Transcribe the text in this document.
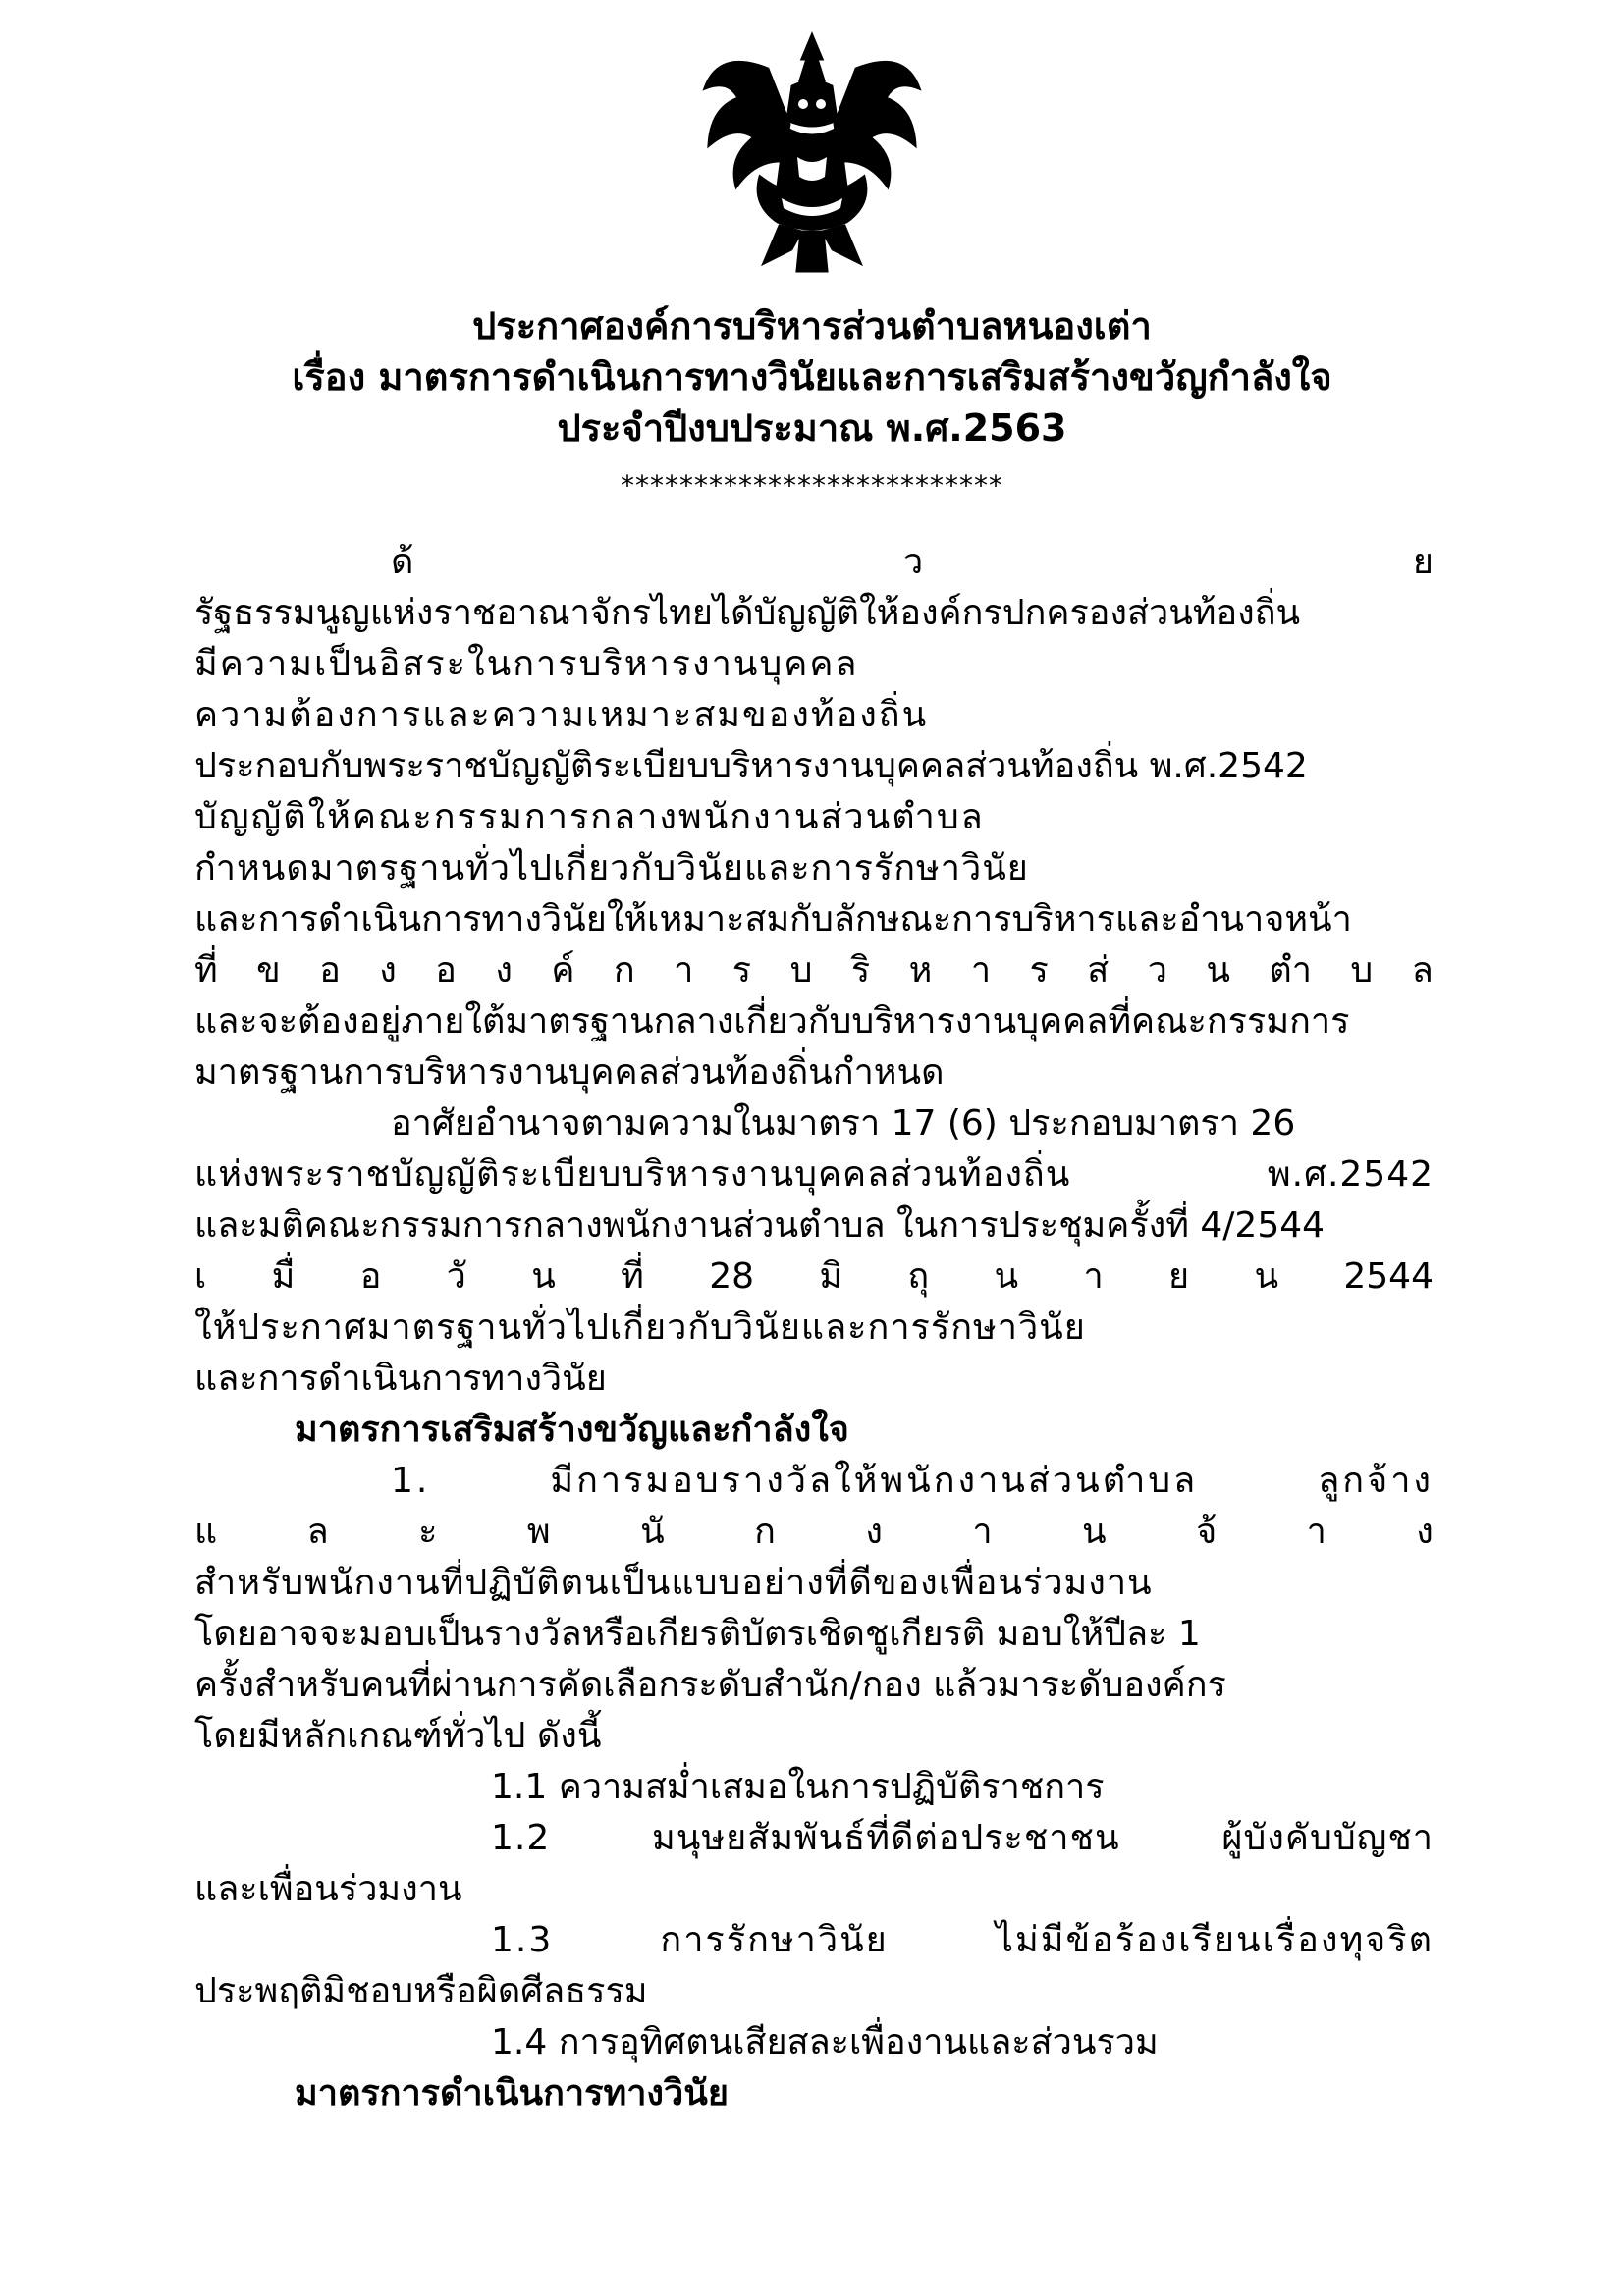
ประกาศองค์การบริหารส่วนตำบลหนองเต่า

เรื่อง มาตรการดำเนินการทางวินัยและการเสริมสร้างขวัญกำลังใจ

ประจำปีงบประมาณ พ.ศ.2563

**************************
ด้	ว	ย

รัฐธรรมนูญแห่งราชอาณาจักรไทยได้บัญญัติให้องค์กรปกครองส่วนท้องถิ่น

มีความเป็นอิสระในการบริหารงานบุคคล

ความต้องการและความเหมาะสมของท้องถิ่น

ประกอบกับพระราชบัญญัติระเบียบบริหารงานบุคคลส่วนท้องถิ่น พ.ศ.2542

บัญญัติให้คณะกรรมการกลางพนักงานส่วนตำบล

กำหนดมาตรฐานทั่วไปเกี่ยวกับวินัยและการรักษาวินัย

และการดำเนินการทางวินัยให้เหมาะสมกับลักษณะการบริหารและอำนาจหน้า

ที่ ข อ ง อ ง ค์ ก า ร บ ริ ห า ร ส่ ว น ตำ บ ล

และจะต้องอยู่ภายใต้มาตรฐานกลางเกี่ยวกับบริหารงานบุคคลที่คณะกรรมการ

มาตรฐานการบริหารงานบุคคลส่วนท้องถิ่นกำหนด

อาศัยอำนาจตามความในมาตรา 17 (6) ประกอบมาตรา 26

แห่งพระราชบัญญัติระเบียบบริหารงานบุคคลส่วนท้องถิ่น พ.ศ.2542

และมติคณะกรรมการกลางพนักงานส่วนตำบล ในการประชุมครั้งที่ 4/2544

เ มื่ อ วั น ที่ 28 มิ ถุ น า ย น 2544

ให้ประกาศมาตรฐานทั่วไปเกี่ยวกับวินัยและการรักษาวินัย

และการดำเนินการทางวินัย

มาตรการเสริมสร้างขวัญและกำลังใจ

1. มีการมอบรางวัลให้พนักงานส่วนตำบล ลูกจ้าง

แ	ล	ะ	พ	นั	ก	ง	า	น	จ้	า	ง

สำหรับพนักงานที่ปฏิบัติตนเป็นแบบอย่างที่ดีของเพื่อนร่วมงาน

โดยอาจจะมอบเป็นรางวัลหรือเกียรติบัตรเชิดชูเกียรติ มอบให้ปีละ 1

ครั้งสำหรับคนที่ผ่านการคัดเลือกระดับสำนัก/กอง แล้วมาระดับองค์กร

โดยมีหลักเกณฑ์ทั่วไป ดังนี้

1.1 ความสม่ำเสมอในการปฏิบัติราชการ

1.2 มนุษยสัมพันธ์ที่ดีต่อประชาชน ผู้บังคับบัญชา

และเพื่อนร่วมงาน

1.3 การรักษาวินัย ไม่มีข้อร้องเรียนเรื่องทุจริต

ประพฤติมิชอบหรือผิดศีลธรรม

1.4 การอุทิศตนเสียสละเพื่องานและส่วนรวม

มาตรการดำเนินการทางวินัย
